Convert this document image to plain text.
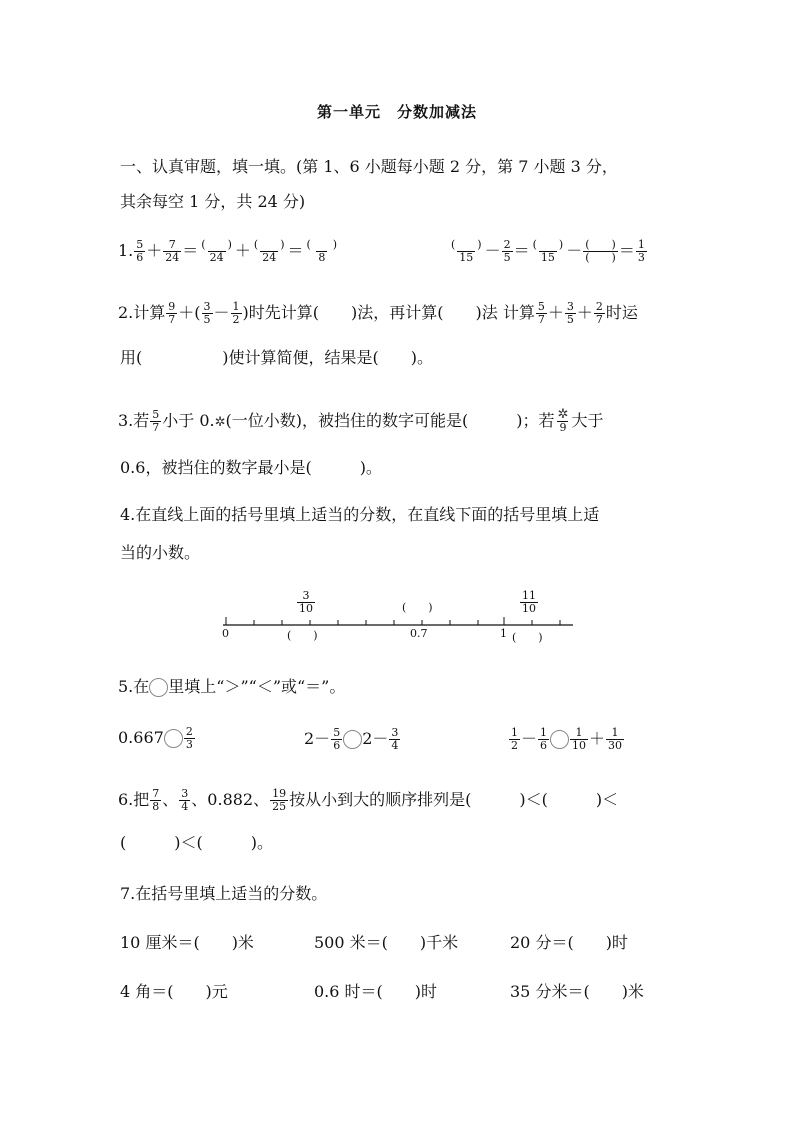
第一单元　分数加减法
一、认真审题，填一填。(第 1、6 小题每小题 2 分，第 7 小题 3 分，
其余每空 1 分，共 24 分)
1. $\frac{5}{6} + \frac{7}{24} = \frac{( )}{24} + \frac{( )}{24} = \frac{( )}{8}$	$\frac{( )}{15} - \frac{2}{5} = \frac{( )}{15} - \frac{( )}{( )} = \frac{1}{3}$
2.计算 $\frac{9}{7}$ ＋( $\frac{3}{5} - \frac{1}{2}$ )时先计算(　　)法，再计算(　　)法 计算 $\frac{5}{7} + \frac{3}{5} + \frac{2}{7}$ 时运
用(　　　　　)使计算简便，结果是(　　)。
3.若 $\frac{5}{7}$ 小于 0.✲(一位小数)，被挡住的数字可能是(　　　)；若 $\frac{✲}{9}$ 大于
0.6，被挡住的数字最小是(　　　)。
4.在直线上面的括号里填上适当的分数，在直线下面的括号里填上适
当的小数。
$\frac{3}{10}$	(　　)	$\frac{11}{10}$
0	(　　)	0.7	1 (　　)
5.在 里填上“＞”“＜”或“＝”。
$0.667 \frac{2}{3}$	$2- \frac{5}{6} 2- \frac{3}{4}$	$\frac{1}{2} - \frac{1}{6} \frac{1}{10} + \frac{1}{30}$
6.把 $\frac{7}{8}$ 、 $\frac{3}{4}$ 、0.882、 $\frac{19}{25}$ 按从小到大的顺序排列是(　　　)＜(　　　)＜
(　　　)＜(　　　)。
7.在括号里填上适当的分数。
10 厘米＝(　　)米	500 米＝(　　)千米	20 分＝(　　)时
4 角＝(　　)元	0.6 时＝(　　)时	35 分米＝(　　)米
